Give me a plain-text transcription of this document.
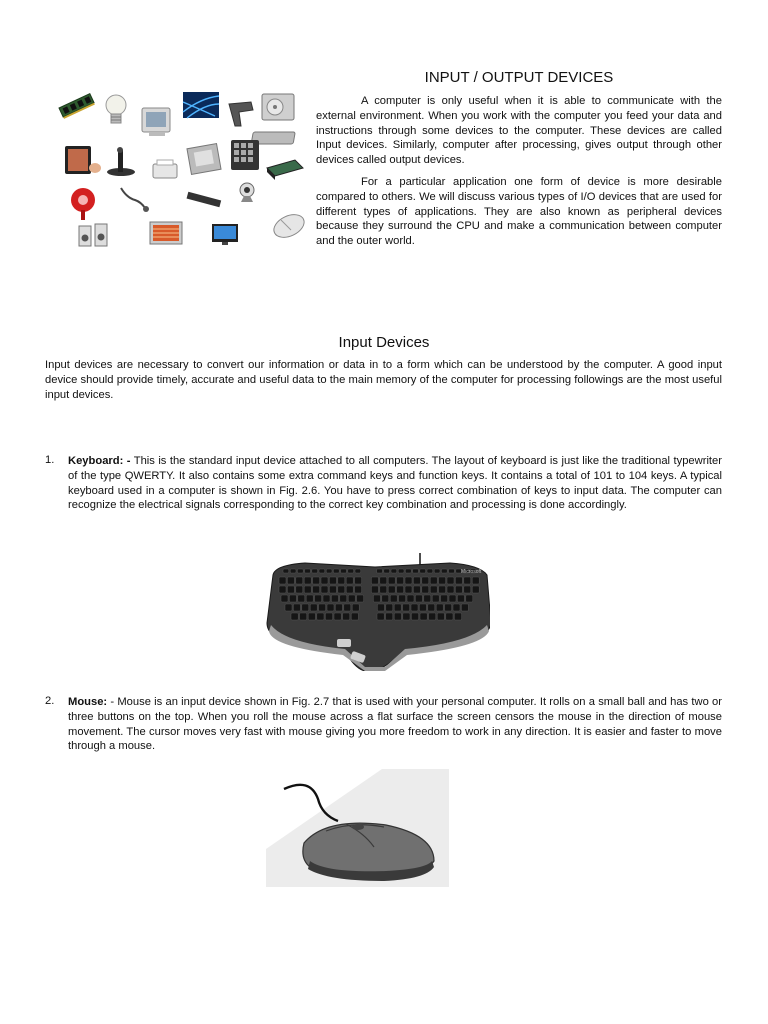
INPUT / OUTPUT DEVICES
A computer is only useful when it is able to communicate with the external environment. When you work with the computer you feed your data and instructions through some devices to the computer. These devices are called Input devices. Similarly, computer after processing, gives output through other devices called output devices.
For a particular application one form of device is more desirable compared to others. We will discuss various types of I/O devices that are used for different types of applications. They are also known as peripheral devices because they surround the CPU and make a communication between computer and the outer world.
Input Devices
Input devices are necessary to convert our information or data in to a form which can be understood by the computer. A good input device should provide timely, accurate and useful data to the main memory of the computer for processing followings are the most useful input devices.
1. Keyboard: - This is the standard input device attached to all computers. The layout of keyboard is just like the traditional typewriter of the type QWERTY. It also contains some extra command keys and function keys. It contains a total of 101 to 104 keys. A typical keyboard used in a computer is shown in Fig. 2.6. You have to press correct combination of keys to input data. The computer can recognize the electrical signals corresponding to the correct key combination and processing is done accordingly.
Microsoft
2. Mouse: - Mouse is an input device shown in Fig. 2.7 that is used with your personal computer. It rolls on a small ball and has two or three buttons on the top. When you roll the mouse across a flat surface the screen censors the mouse in the direction of mouse movement. The cursor moves very fast with mouse giving you more freedom to work in any direction. It is easier and faster to move through a mouse.
